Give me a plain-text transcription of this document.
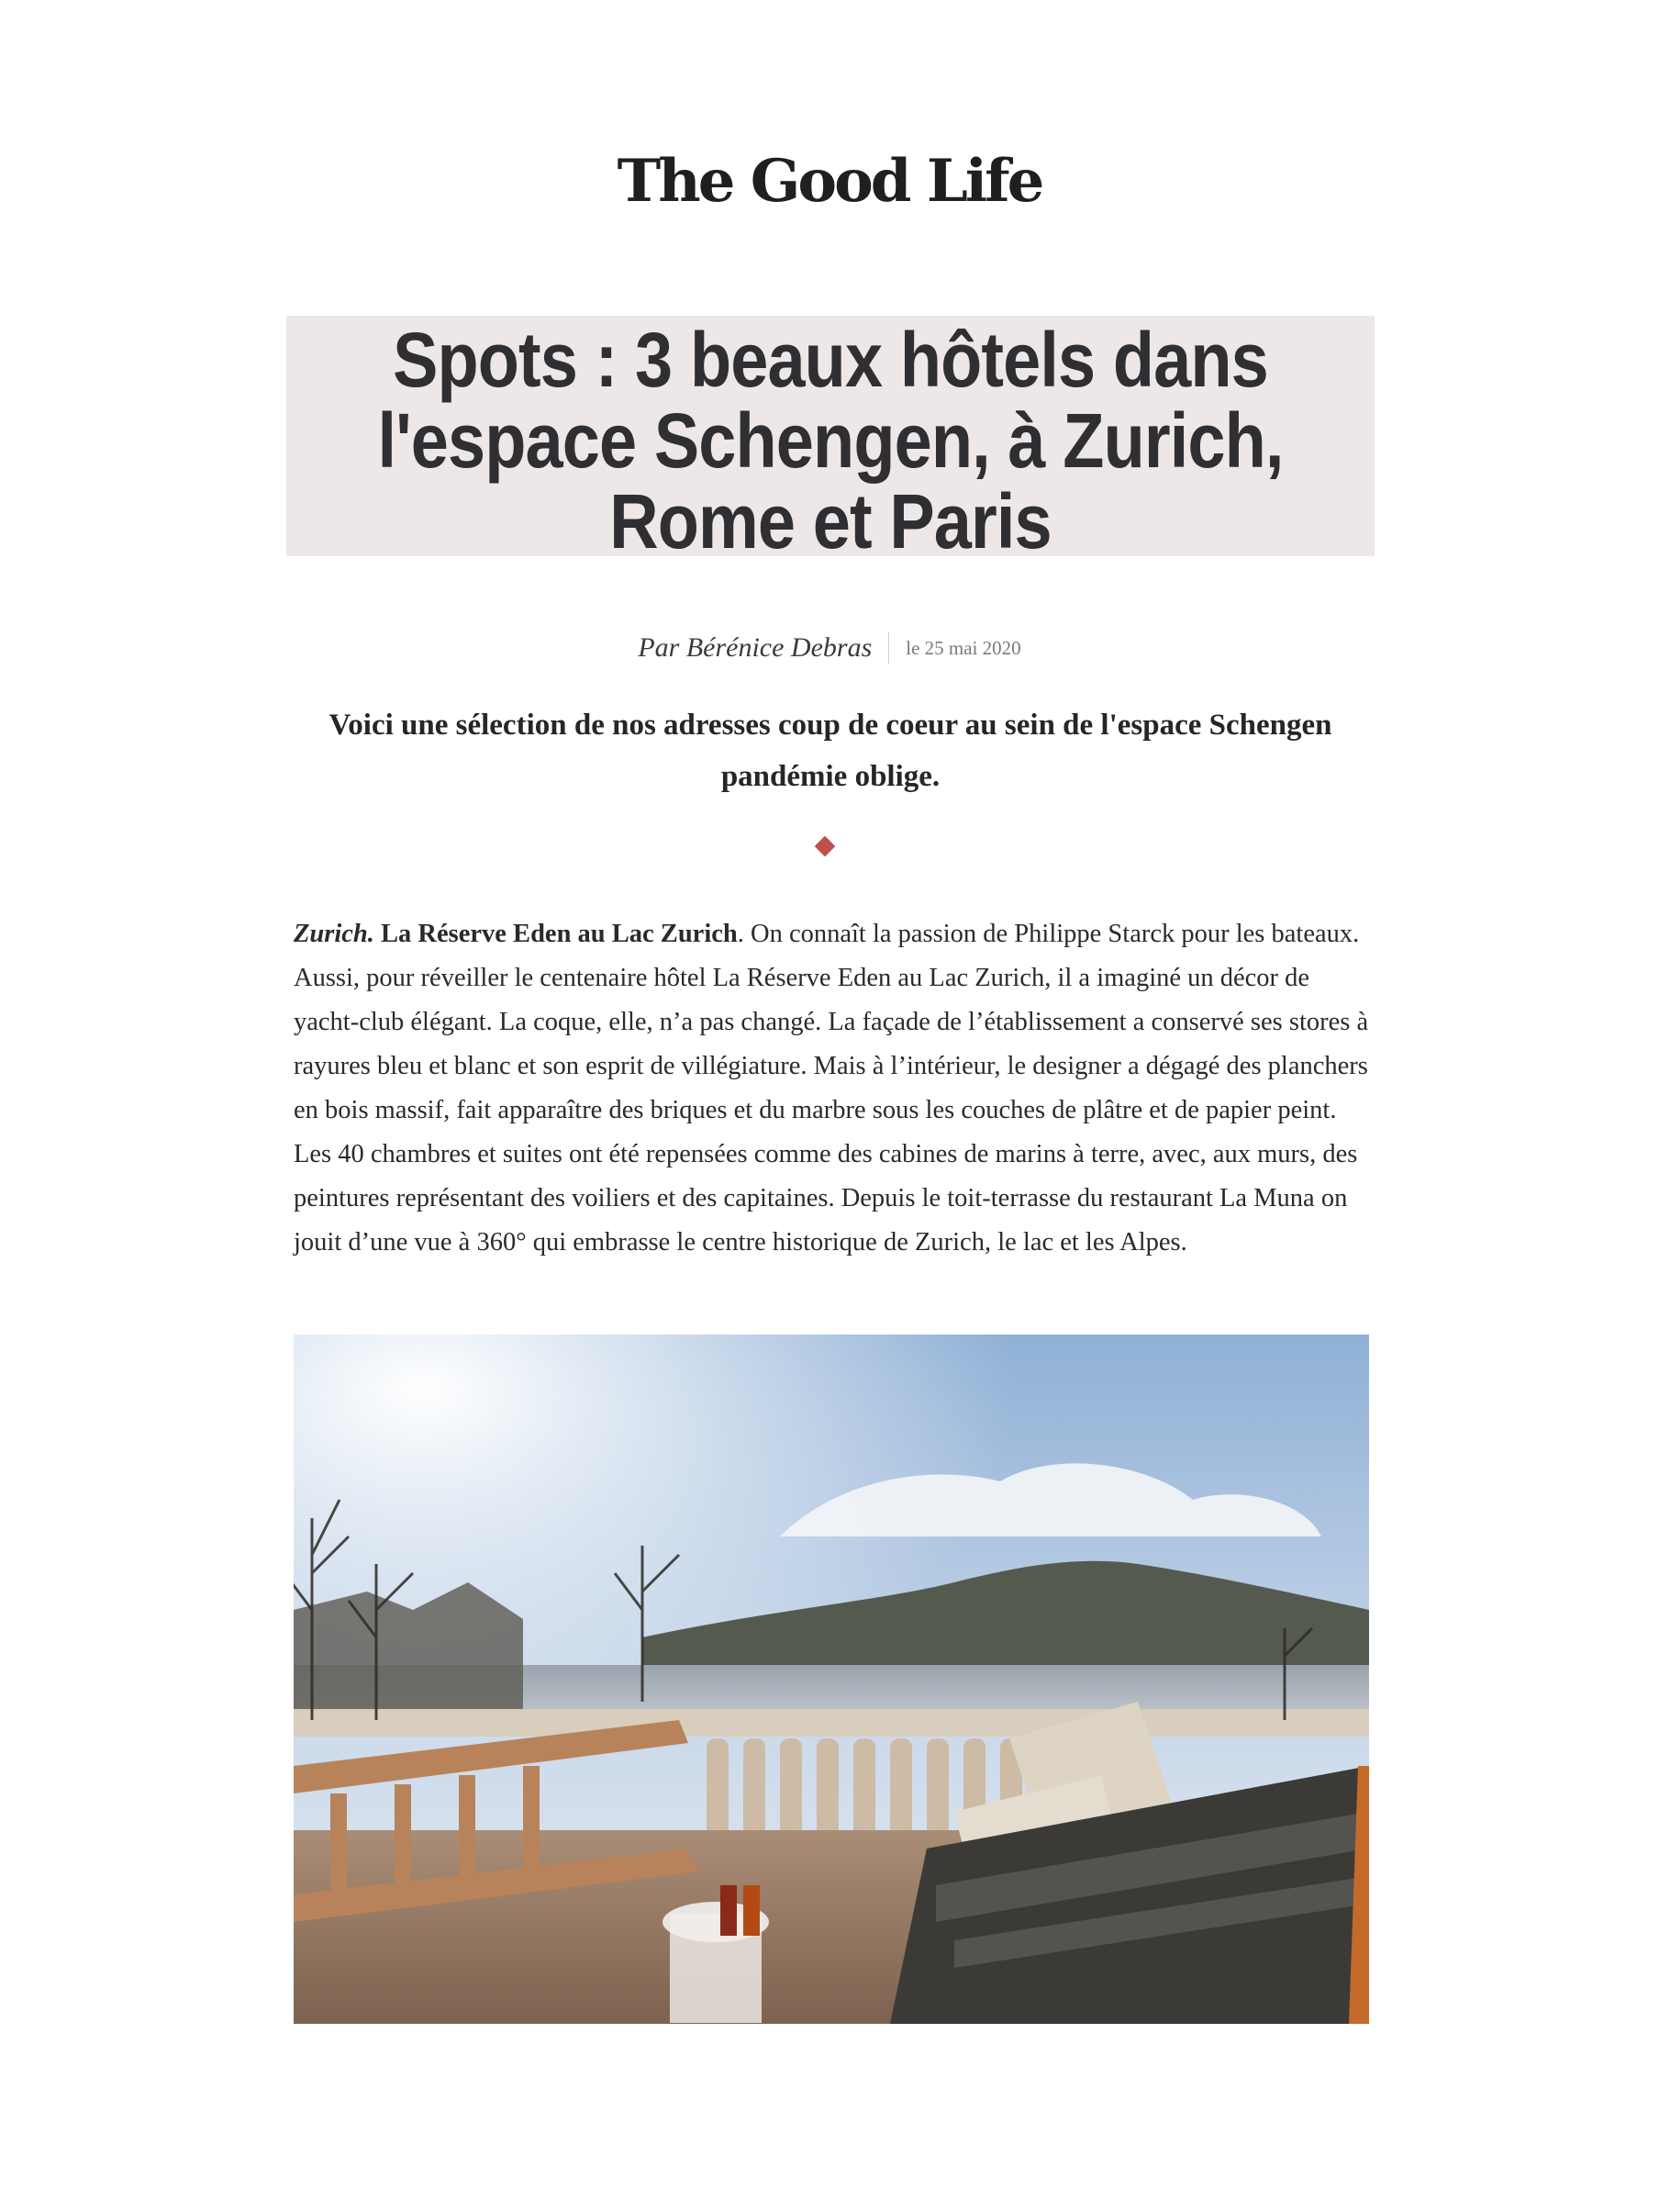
The Good Life
Spots : 3 beaux hôtels dans l'espace Schengen, à Zurich, Rome et Paris
Par Bérénice Debras	le 25 mai 2020

Voici une sélection de nos adresses coup de coeur au sein de l'espace Schengen pandémie oblige.

Zurich. La Réserve Eden au Lac Zurich. On connaît la passion de Philippe Starck pour les bateaux. Aussi, pour réveiller le centenaire hôtel La Réserve Eden au Lac Zurich, il a imaginé un décor de yacht-club élégant. La coque, elle, n’a pas changé. La façade de l’établissement a conservé ses stores à rayures bleu et blanc et son esprit de villégiature. Mais à l’intérieur, le designer a dégagé des planchers en bois massif, fait apparaître des briques et du marbre sous les couches de plâtre et de papier peint. Les 40 chambres et suites ont été repensées comme des cabines de marins à terre, avec, aux murs, des peintures représentant des voiliers et des capitaines. Depuis le toit-terrasse du restaurant La Muna on jouit d’une vue à 360° qui embrasse le centre historique de Zurich, le lac et les Alpes.
